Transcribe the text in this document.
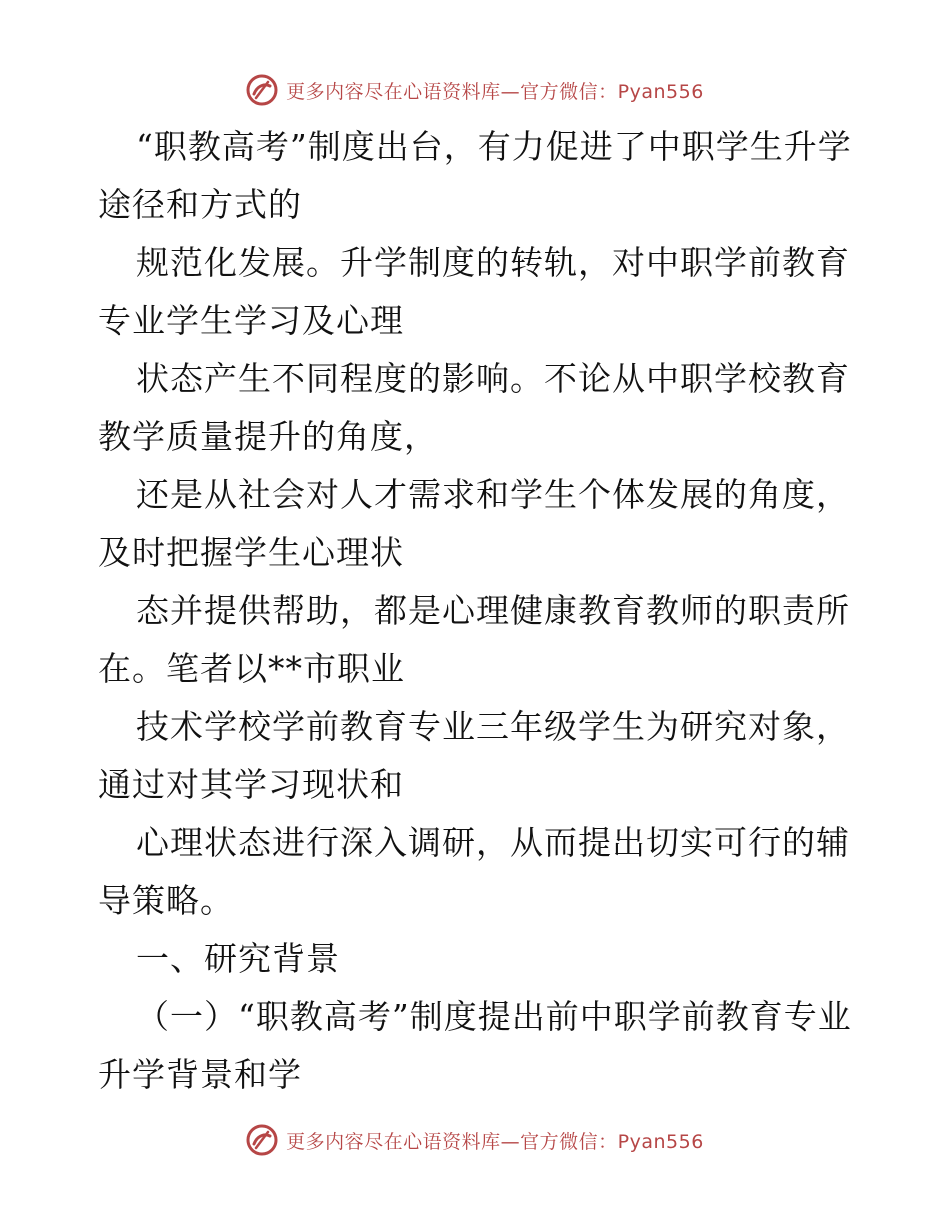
更多内容尽在心语资料库—官方微信：Pyan556

“职教高考”制度出台，有力促进了中职学生升学途径和方式的

规范化发展。升学制度的转轨，对中职学前教育专业学生学习及心理

状态产生不同程度的影响。不论从中职学校教育教学质量提升的角度，

还是从社会对人才需求和学生个体发展的角度，及时把握学生心理状

态并提供帮助，都是心理健康教育教师的职责所在。笔者以**市职业

技术学校学前教育专业三年级学生为研究对象，通过对其学习现状和

心理状态进行深入调研，从而提出切实可行的辅导策略。

一、研究背景

（一）“职教高考”制度提出前中职学前教育专业升学背景和学

更多内容尽在心语资料库—官方微信：Pyan556
